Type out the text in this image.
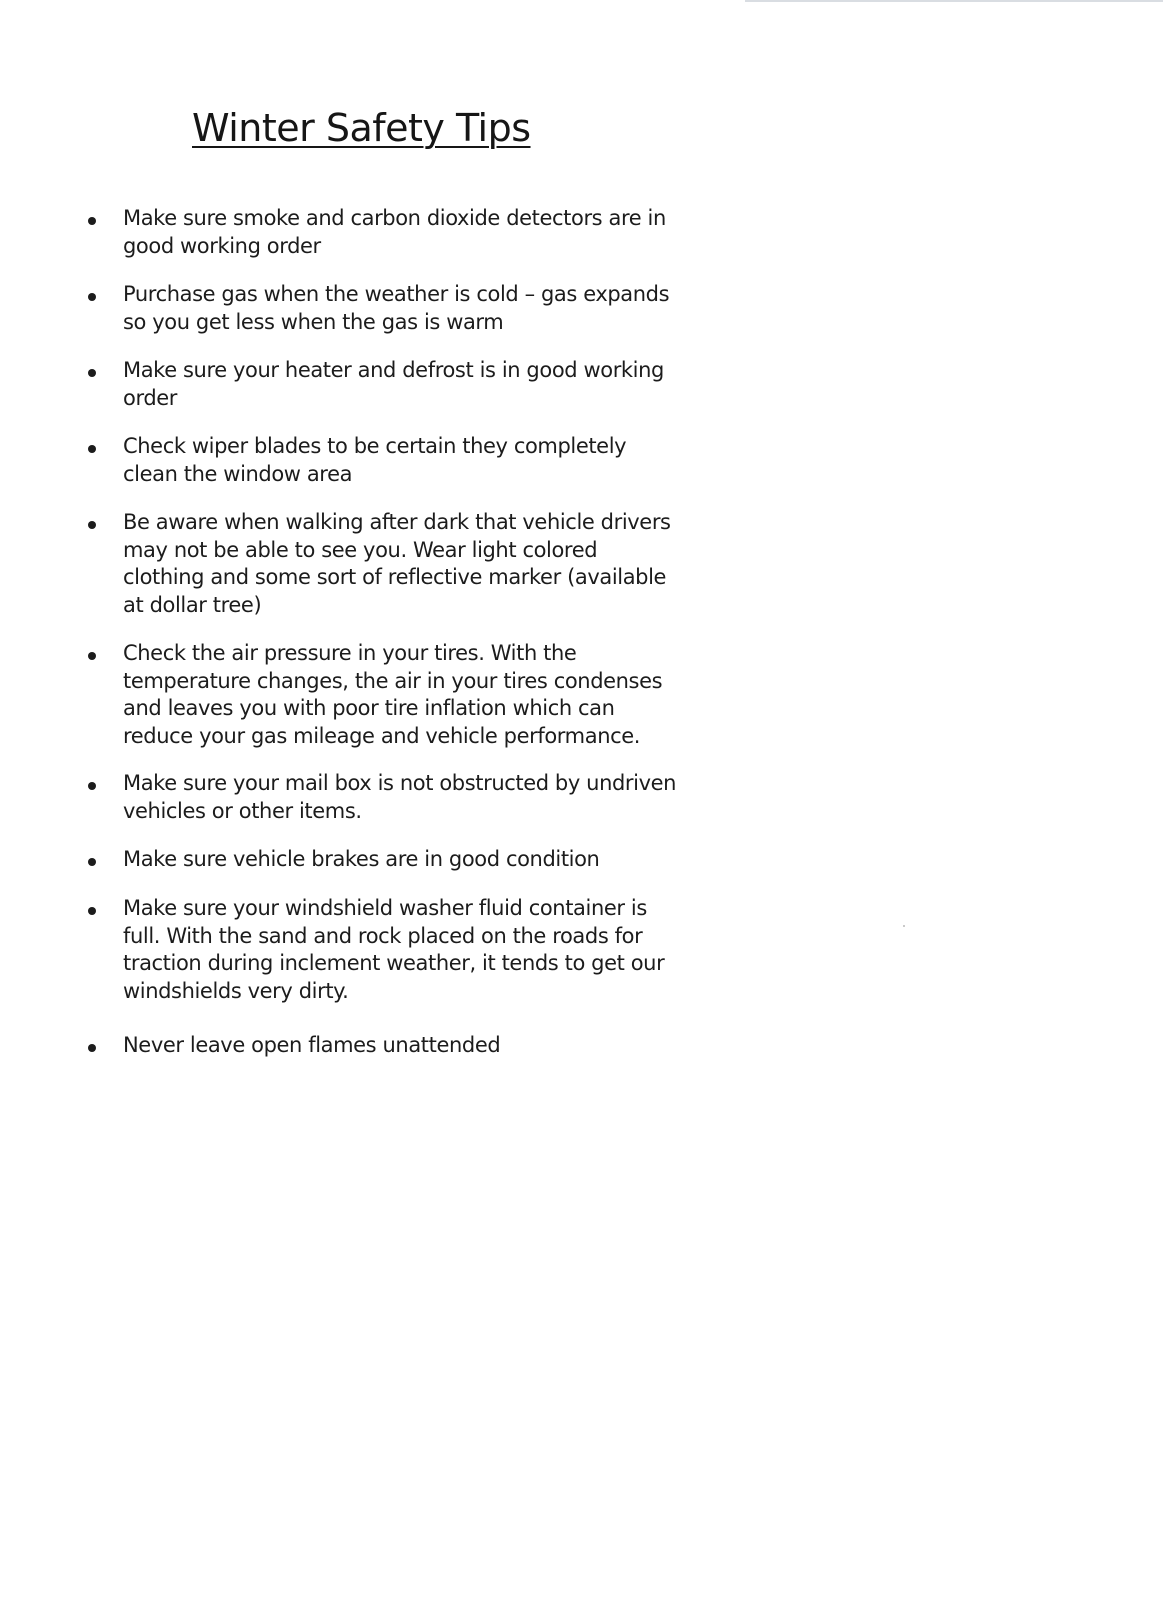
Winter Safety Tips
Make sure smoke and carbon dioxide detectors are in good working order
Purchase gas when the weather is cold – gas expands so you get less when the gas is warm
Make sure your heater and defrost is in good working order
Check wiper blades to be certain they completely clean the window area
Be aware when walking after dark that vehicle drivers may not be able to see you. Wear light colored clothing and some sort of reflective marker (available at dollar tree)
Check the air pressure in your tires. With the temperature changes, the air in your tires condenses and leaves you with poor tire inflation which can reduce your gas mileage and vehicle performance.
Make sure your mail box is not obstructed by undriven vehicles or other items.
Make sure vehicle brakes are in good condition
Make sure your windshield washer fluid container is full. With the sand and rock placed on the roads for traction during inclement weather, it tends to get our windshields very dirty.
Never leave open flames unattended
